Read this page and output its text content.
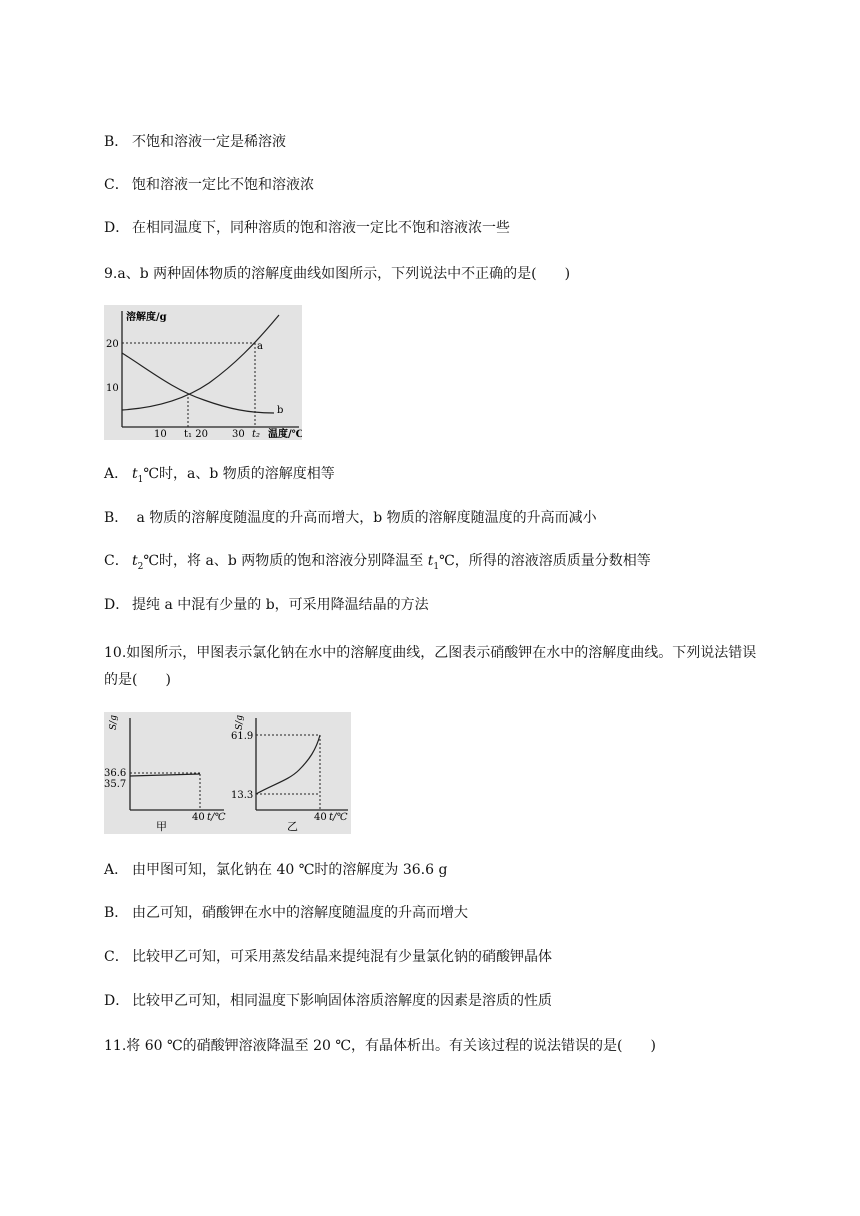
B． 不饱和溶液一定是稀溶液
C． 饱和溶液一定比不饱和溶液浓
D． 在相同温度下，同种溶质的饱和溶液一定比不饱和溶液浓一些
9.a、b 两种固体物质的溶解度曲线如图所示，下列说法中不正确的是(　　)
溶解度/g
温度/℃
10
20
10 t₁ 20 30 t₂
a
b
A． $t_1℃$时，a、b 物质的溶解度相等
B． a 物质的溶解度随温度的升高而增大，b 物质的溶解度随温度的升高而减小
C． $t_2℃$时，将 a、b 两物质的饱和溶液分别降温至 $t_1℃$，所得的溶液溶质质量分数相等
D． 提纯 a 中混有少量的 b，可采用降温结晶的方法
10.如图所示，甲图表示氯化钠在水中的溶解度曲线，乙图表示硝酸钾在水中的溶解度曲线。下列说法错误的是(　　)
S/g
36.6
35.7
40 t/℃
甲
S/g
61.9
13.3
40 t/℃
乙
A． 由甲图可知，氯化钠在 40 ℃时的溶解度为 36.6 g
B． 由乙可知，硝酸钾在水中的溶解度随温度的升高而增大
C． 比较甲乙可知，可采用蒸发结晶来提纯混有少量氯化钠的硝酸钾晶体
D． 比较甲乙可知，相同温度下影响固体溶质溶解度的因素是溶质的性质
11.将 60 ℃的硝酸钾溶液降温至 20 ℃，有晶体析出。有关该过程的说法错误的是(　　)
